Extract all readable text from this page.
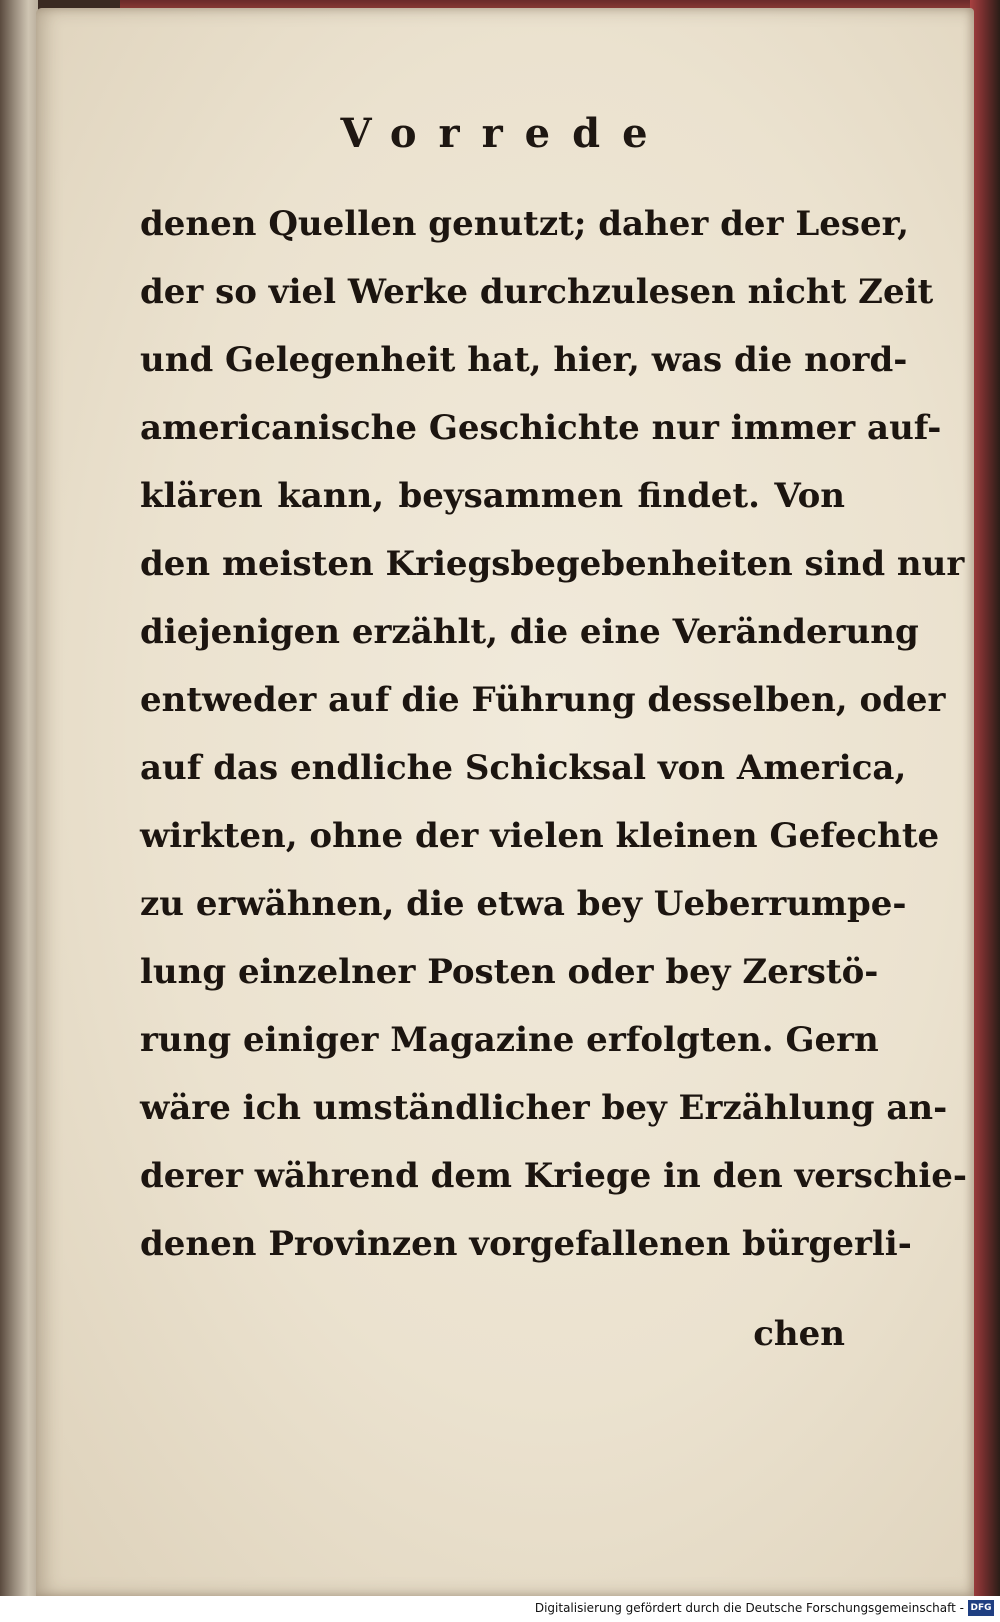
Vorrede
denen Quellen genutzt; daher der Leser,
der so viel Werke durchzulesen nicht Zeit
und Gelegenheit hat, hier, was die nord-
americanische Geschichte nur immer auf-
klären kann, beysammen findet. Von
den meisten Kriegsbegebenheiten sind nur
diejenigen erzählt, die eine Veränderung
entweder auf die Führung desselben, oder
auf das endliche Schicksal von America,
wirkten, ohne der vielen kleinen Gefechte
zu erwähnen, die etwa bey Ueberrumpe-
lung einzelner Posten oder bey Zerstö-
rung einiger Magazine erfolgten. Gern
wäre ich umständlicher bey Erzählung an-
derer während dem Kriege in den verschie-
denen Provinzen vorgefallenen bürgerli-
chen
Digitalisierung gefördert durch die Deutsche Forschungsgemeinschaft - DFG
